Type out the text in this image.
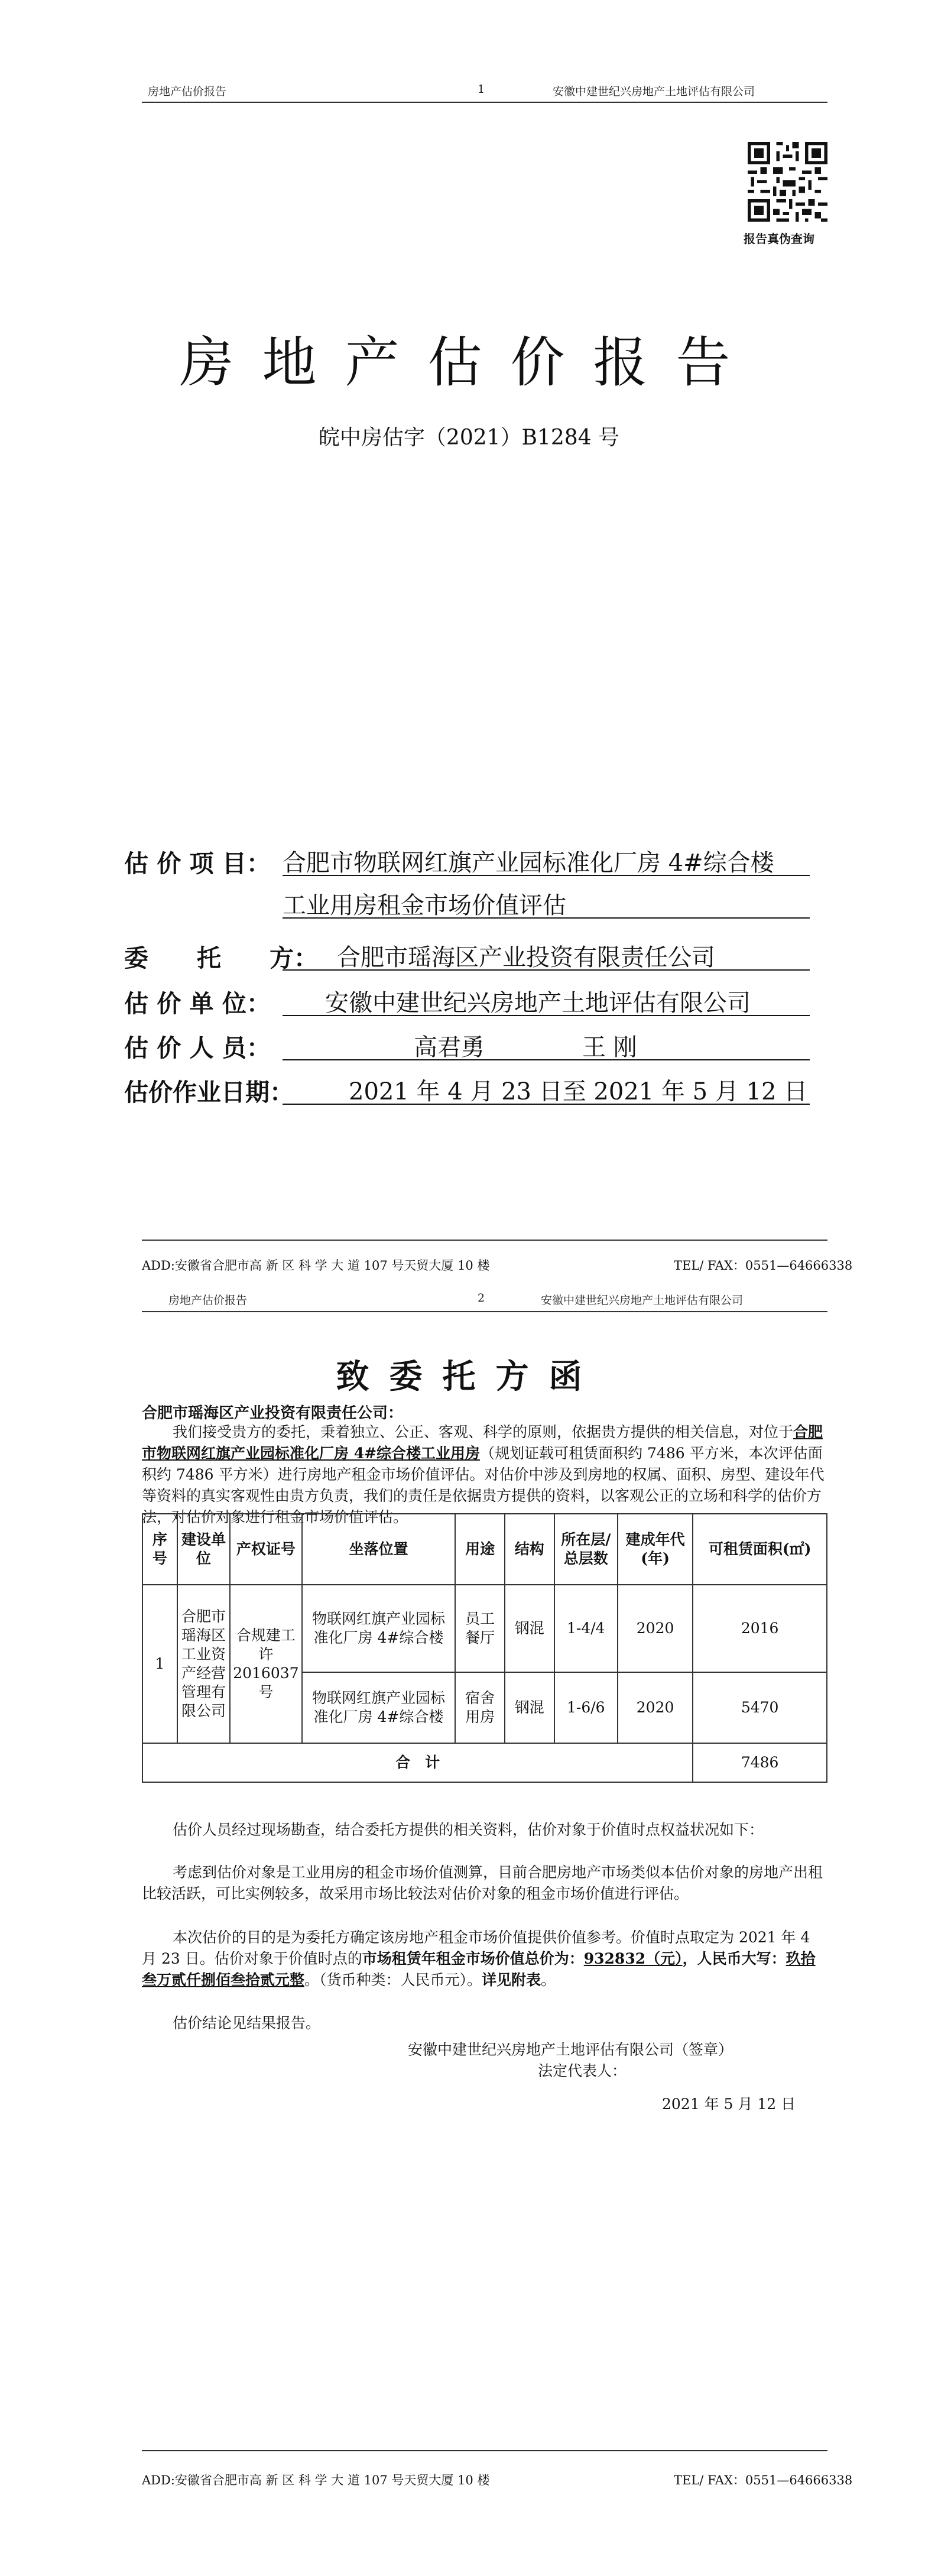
房地产估价报告	1	安徽中建世纪兴房地产土地评估有限公司
报告真伪查询
房地产估价报告
皖中房估字（2021）B1284 号
估 价 项 目： 合肥市物联网红旗产业园标准化厂房 4#综合楼
工业用房租金市场价值评估
委　　托　　方： 合肥市瑶海区产业投资有限责任公司
估 价 单 位： 安徽中建世纪兴房地产土地评估有限公司
估 价 人 员：	高君勇	王 刚
估价作业日期： 2021 年 4 月 23 日至 2021 年 5 月 12 日
ADD:安徽省合肥市高 新 区 科 学 大 道 107 号天贸大厦 10 楼	TEL/ FAX：0551—64666338
房地产估价报告	2	安徽中建世纪兴房地产土地评估有限公司
致委托方函
合肥市瑶海区产业投资有限责任公司：
我们接受贵方的委托，秉着独立、公正、客观、科学的原则，依据贵方提供的相关信息，对位于合肥市物联网红旗产业园标准化厂房 4#综合楼工业用房（规划证载可租赁面积约 7486 平方米，本次评估面积约 7486 平方米）进行房地产租金市场价值评估。对估价中涉及到房地的权属、面积、房型、建设年代等资料的真实客观性由贵方负责，我们的责任是依据贵方提供的资料，以客观公正的立场和科学的估价方法，对估价对象进行租金市场价值评估。
序号	建设单位	产权证号	坐落位置	用途	结构	所在层/总层数	建成年代(年)	可租赁面积(㎡)
1	合肥市瑶海区工业资产经营管理有限公司	合规建工许 2016037 号	物联网红旗产业园标准化厂房 4#综合楼	员工餐厅	钢混	1-4/4	2020	2016
			物联网红旗产业园标准化厂房 4#综合楼	宿舍用房	钢混	1-6/6	2020	5470
合　计								7486
估价人员经过现场勘查，结合委托方提供的相关资料，估价对象于价值时点权益状况如下：
考虑到估价对象是工业用房的租金市场价值测算，目前合肥房地产市场类似本估价对象的房地产出租比较活跃，可比实例较多，故采用市场比较法对估价对象的租金市场价值进行评估。
本次估价的目的是为委托方确定该房地产租金市场价值提供价值参考。价值时点取定为 2021 年 4 月 23 日。估价对象于价值时点的市场租赁年租金市场价值总价为：932832（元），人民币大写：玖拾叁万贰仟捌佰叁拾贰元整。（货币种类：人民币元）。详见附表。
估价结论见结果报告。
安徽中建世纪兴房地产土地评估有限公司（签章）
法定代表人：
2021 年 5 月 12 日
ADD:安徽省合肥市高 新 区 科 学 大 道 107 号天贸大厦 10 楼	TEL/ FAX：0551—64666338
